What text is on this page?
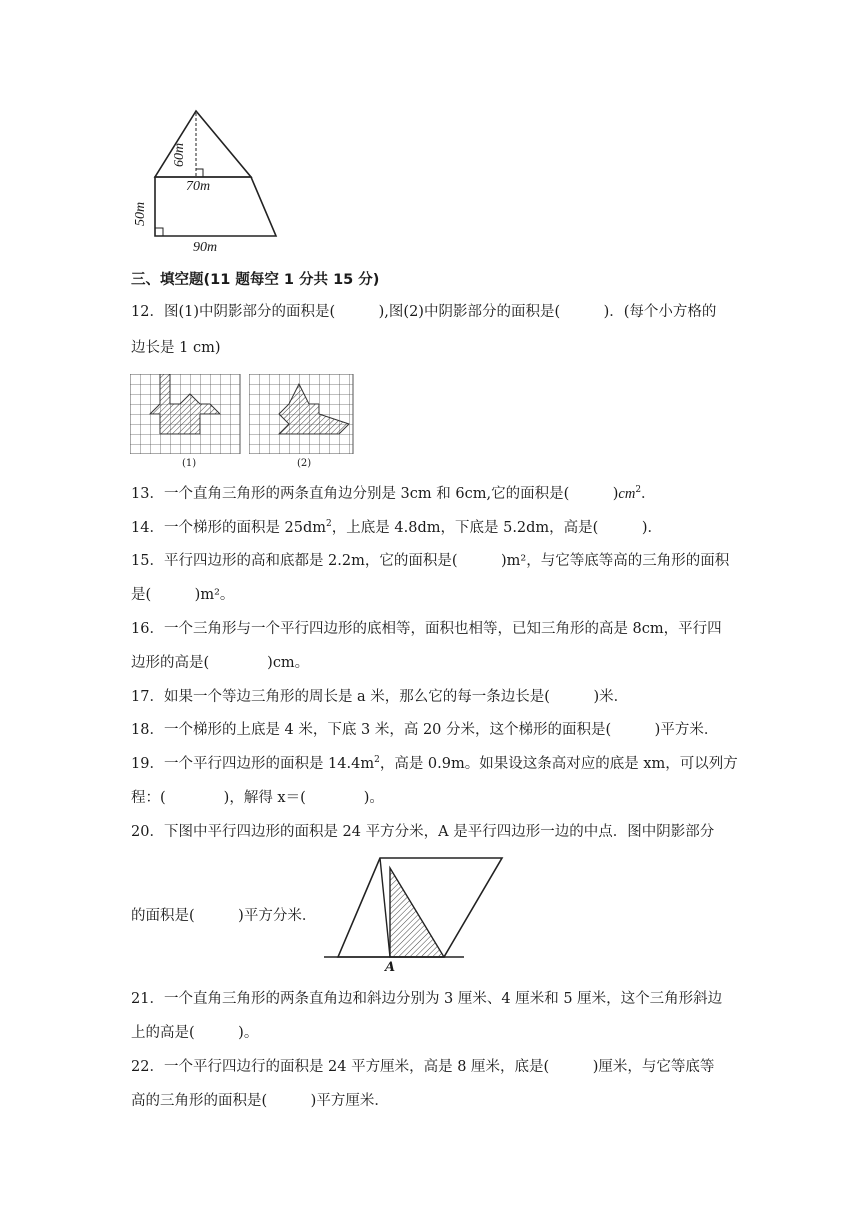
60m
70m
50m
90m
三、填空题(11 题每空 1 分共 15 分)
12．图(1)中阴影部分的面积是(　　　),图(2)中阴影部分的面积是(　　　)．(每个小方格的
边长是 1 cm)
(1)	(2)
13．一个直角三角形的两条直角边分别是 3cm 和 6cm,它的面积是(　　　)$cm^2$．
14．一个梯形的面积是 $25dm^2$，上底是 4.8dm，下底是 5.2dm，高是(　　　)．
15．平行四边形的高和底都是 2.2m，它的面积是(　　　)m²，与它等底等高的三角形的面积
是(　　　)m²。
16．一个三角形与一个平行四边形的底相等，面积也相等，已知三角形的高是 8cm，平行四
边形的高是(　　　　)cm。
17．如果一个等边三角形的周长是 a 米，那么它的每一条边长是(　　　)米．
18．一个梯形的上底是 4 米，下底 3 米，高 20 分米，这个梯形的面积是(　　　)平方米．
19．一个平行四边形的面积是 $14.4m^2$，高是 0.9m。如果设这条高对应的底是 xm，可以列方
程：(　　　　)，解得 x＝(　　　　)。
20．下图中平行四边形的面积是 24 平方分米，A 是平行四边形一边的中点．图中阴影部分
的面积是(　　　)平方分米．
A
21．一个直角三角形的两条直角边和斜边分别为 3 厘米、4 厘米和 5 厘米，这个三角形斜边
上的高是(　　　)。
22．一个平行四边行的面积是 24 平方厘米，高是 8 厘米，底是(　　　)厘米，与它等底等
高的三角形的面积是(　　　)平方厘米．
